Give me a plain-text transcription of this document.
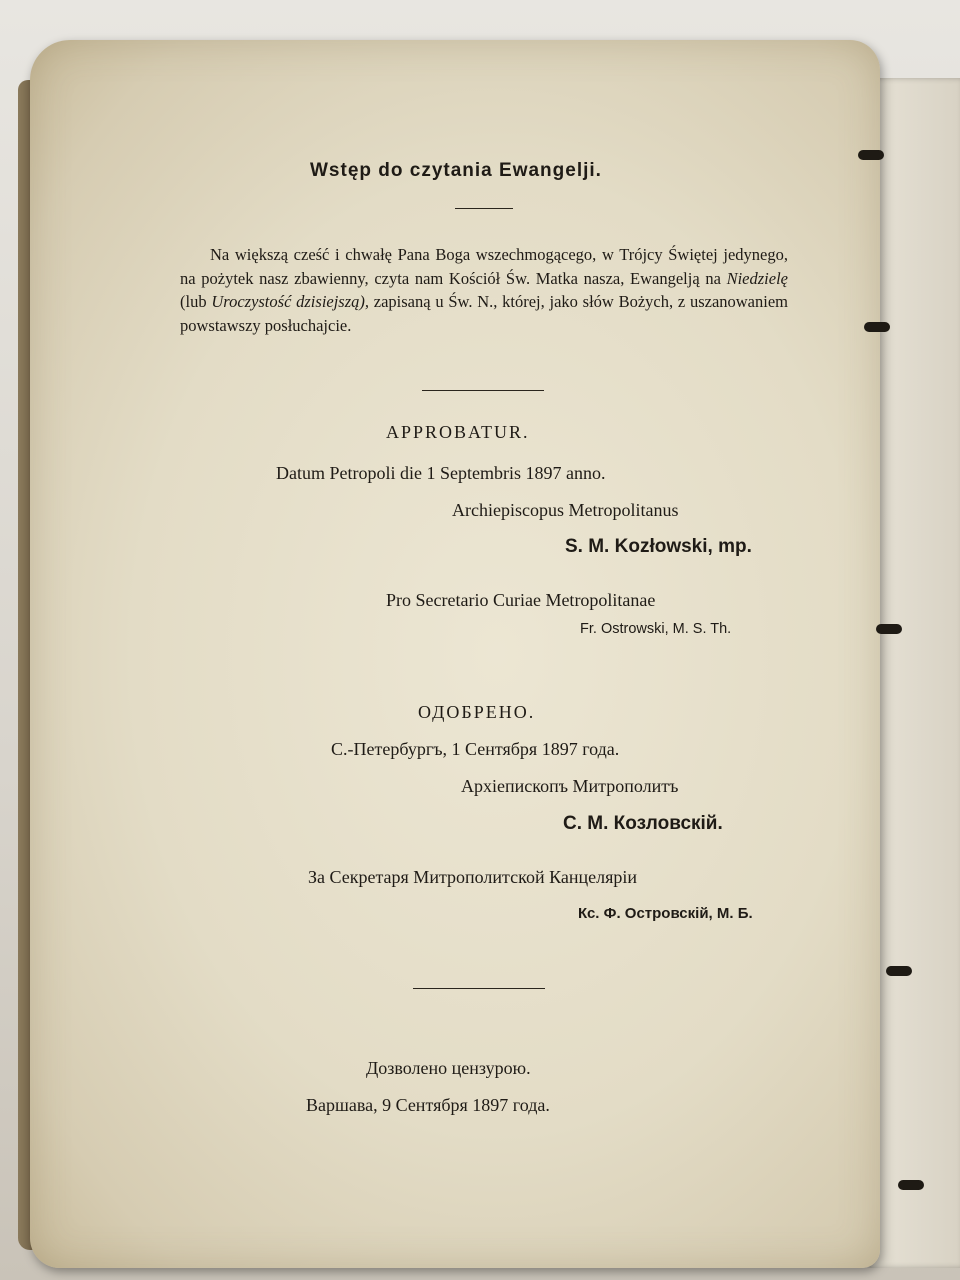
Wstęp do czytania Ewangelji.
Na większą cześć i chwałę Pana Boga wszechmogącego, w Trójcy Świętej jedynego, na pożytek nasz zbawienny, czyta nam Kościół Św. Matka nasza, Ewangelją na Niedzielę (lub Uroczystość dzisiejszą), zapisaną u Św. N., której, jako słów Bożych, z uszanowaniem powstawszy posłuchajcie.
APPROBATUR.
Datum Petropoli die 1 Septembris 1897 anno.
Archiepiscopus Metropolitanus
S. M. Kozłowski, mp.
Pro Secretario Curiae Metropolitanae
Fr. Ostrowski, M. S. Th.
ОДОБРЕНО.
С.-Петербургъ, 1 Сентября 1897 года.
Архіепископъ Митрополитъ
С. М. Козловскій.
За Секретаря Митрополитской Канцеляріи
Кс. Ф. Островскій, М. Б.
Дозволено цензурою.
Варшава, 9 Сентября 1897 года.
